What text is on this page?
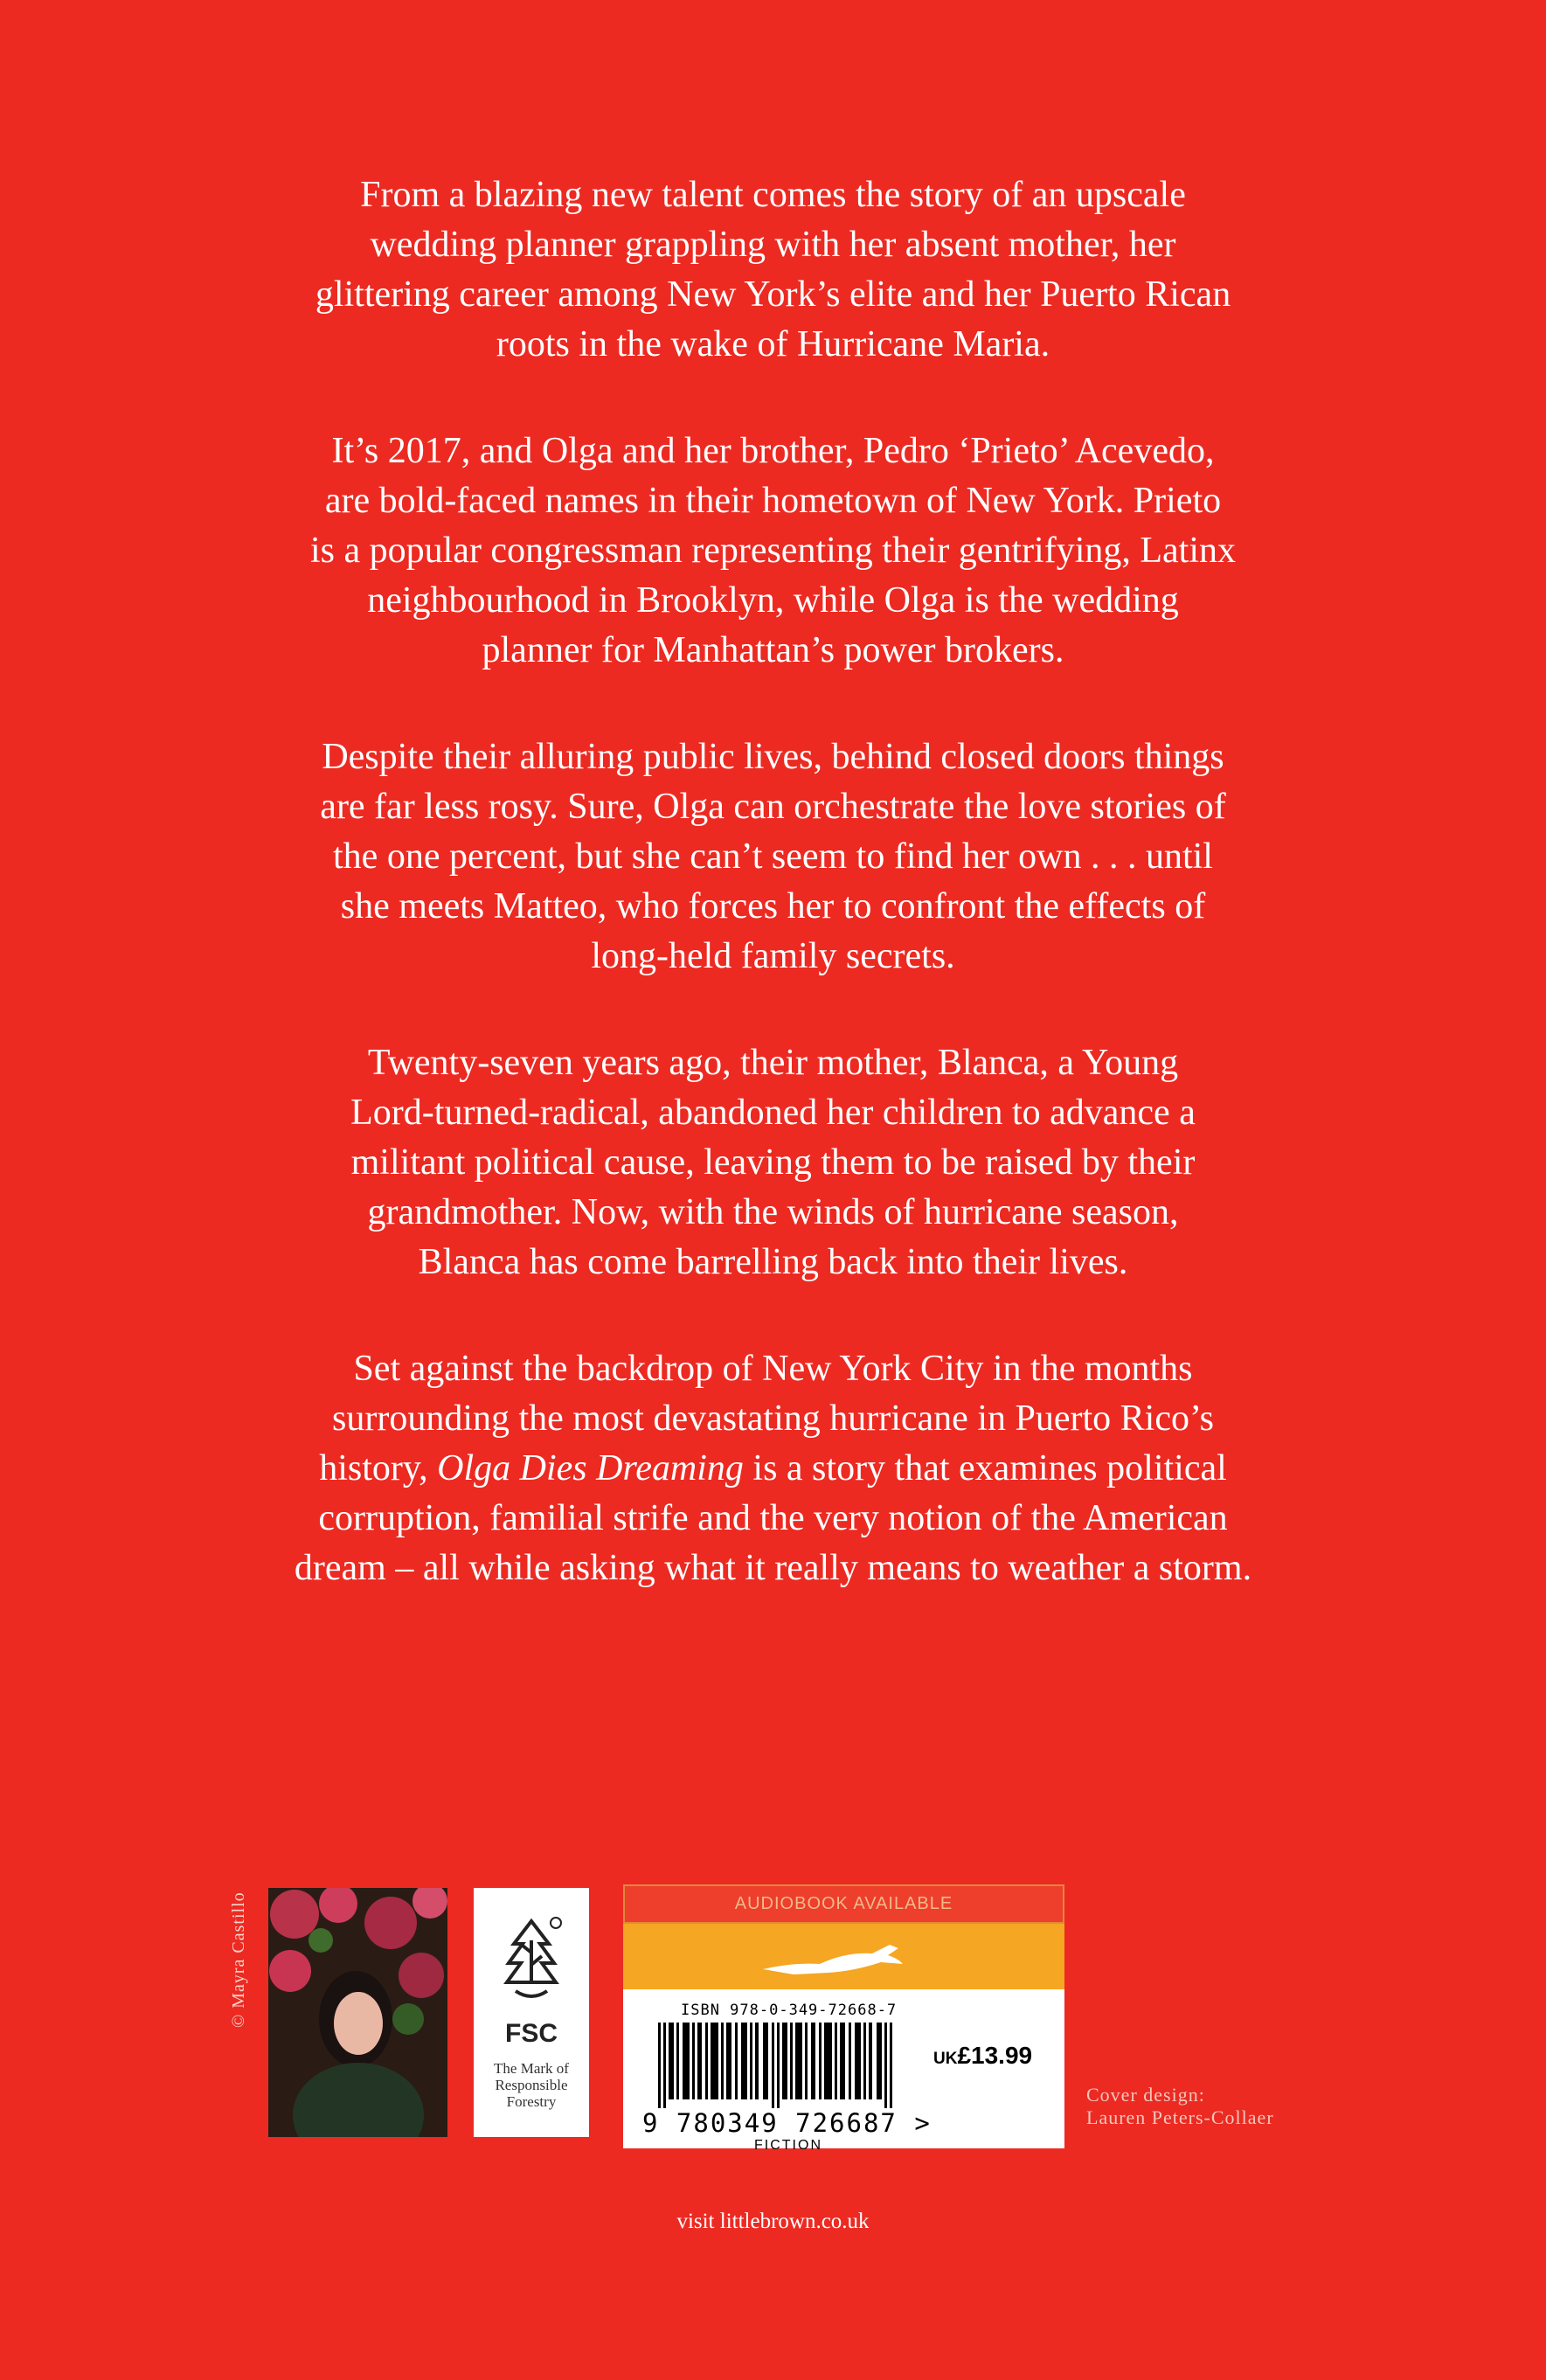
From a blazing new talent comes the story of an upscale
wedding planner grappling with her absent mother, her
glittering career among New York’s elite and her Puerto Rican
roots in the wake of Hurricane Maria.

It’s 2017, and Olga and her brother, Pedro ‘Prieto’ Acevedo,
are bold-faced names in their hometown of New York. Prieto
is a popular congressman representing their gentrifying, Latinx
neighbourhood in Brooklyn, while Olga is the wedding
planner for Manhattan’s power brokers.

Despite their alluring public lives, behind closed doors things
are far less rosy. Sure, Olga can orchestrate the love stories of
the one percent, but she can’t seem to find her own . . . until
she meets Matteo, who forces her to confront the effects of
long-held family secrets.

Twenty-seven years ago, their mother, Blanca, a Young
Lord-turned-radical, abandoned her children to advance a
militant political cause, leaving them to be raised by their
grandmother. Now, with the winds of hurricane season,
Blanca has come barrelling back into their lives.

Set against the backdrop of New York City in the months
surrounding the most devastating hurricane in Puerto Rico’s
history, Olga Dies Dreaming is a story that examines political
corruption, familial strife and the very notion of the American
dream – all while asking what it really means to weather a storm.

© Mayra Castillo
FSC
The Mark of
Responsible
Forestry
AUDIOBOOK AVAILABLE
ISBN 978-0-349-72668-7
UK£13.99
9 780349 726687 >
FICTION
Cover design:
Lauren Peters-Collaer
visit littlebrown.co.uk
